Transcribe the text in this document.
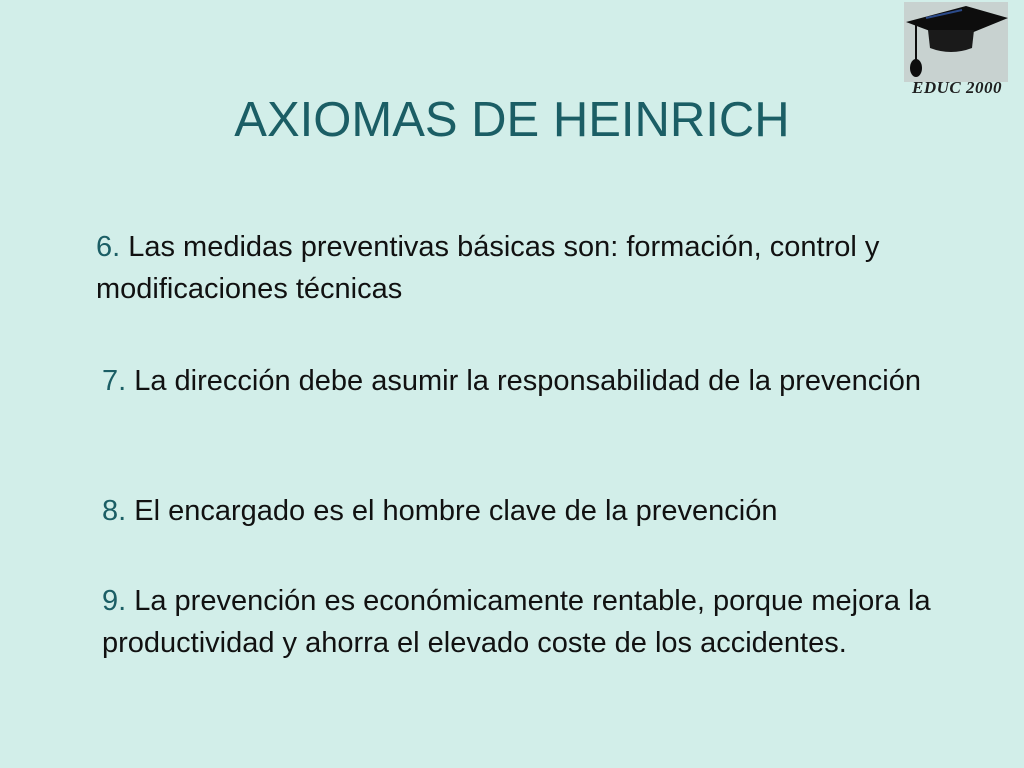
EDUC 2000
AXIOMAS DE HEINRICH
6. Las medidas preventivas básicas son: formación, control y modificaciones técnicas
7. La dirección debe asumir la responsabilidad de la prevención
8. El encargado es el hombre clave de la prevención
9. La prevención es económicamente rentable, porque mejora la productividad y ahorra el elevado coste de los accidentes.
